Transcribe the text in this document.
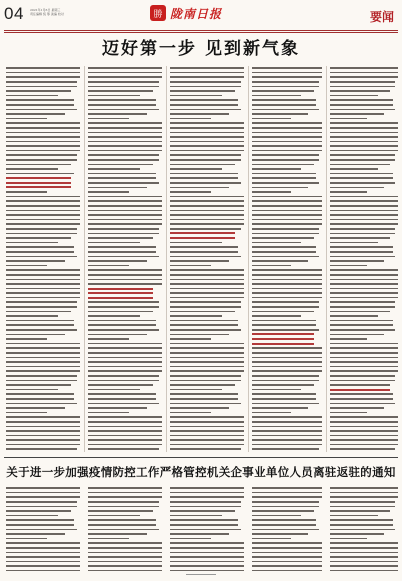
04 2021年1月6日 星期三
责任编辑 统 筹 美编 校对	勝 陇南日报	要闻
迈好第一步 见到新气象
关于进一步加强疫情防控工作严格管控机关企事业单位人员离驻返驻的通知
